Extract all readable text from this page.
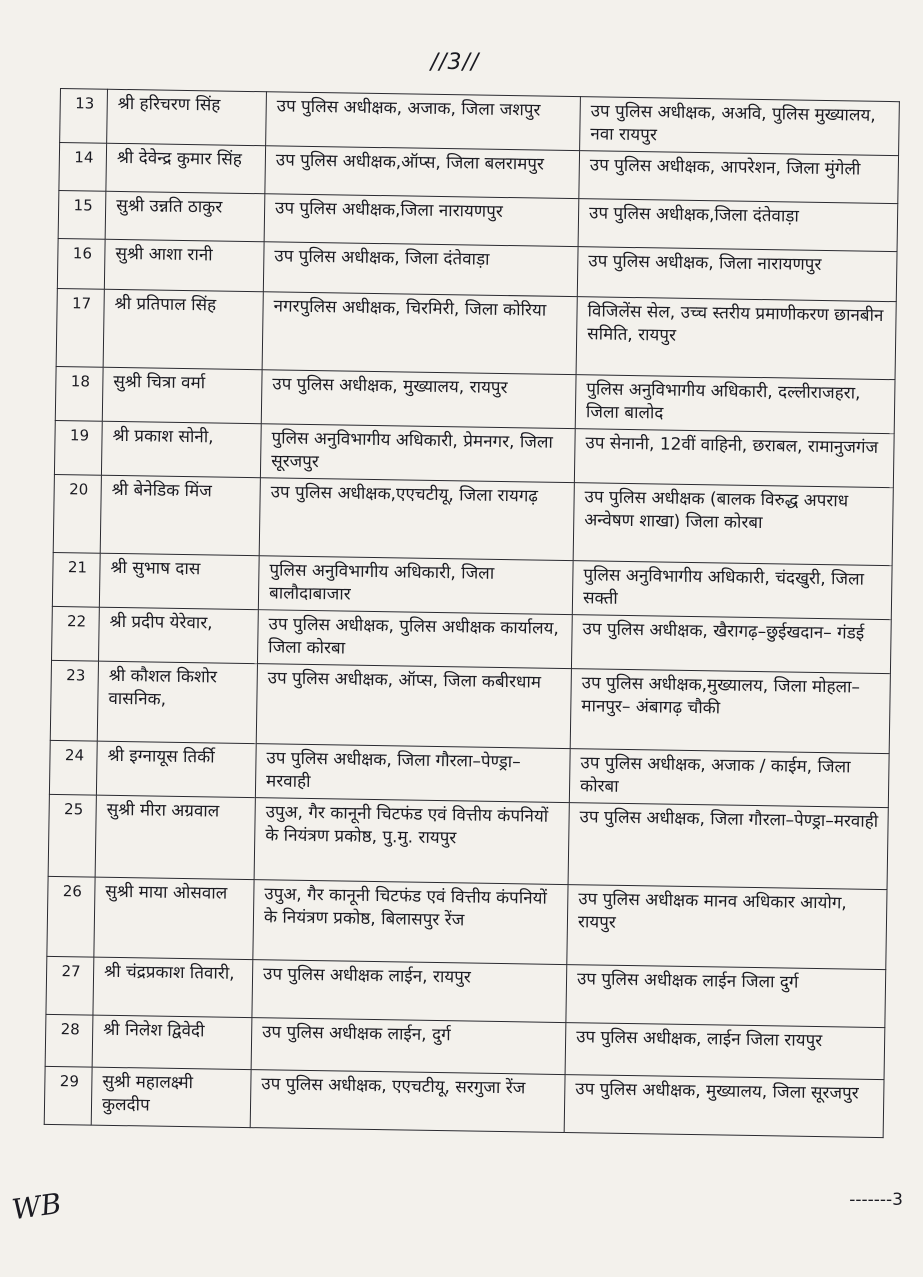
//3//
13	श्री हरिचरण सिंह	उप पुलिस अधीक्षक, अजाक, जिला जशपुर	उप पुलिस अधीक्षक, अअवि, पुलिस मुख्यालय, नवा रायपुर
14	श्री देवेन्द्र कुमार सिंह	उप पुलिस अधीक्षक,ऑप्स, जिला बलरामपुर	उप पुलिस अधीक्षक, आपरेशन, जिला मुंगेली
15	सुश्री उन्नति ठाकुर	उप पुलिस अधीक्षक,जिला नारायणपुर	उप पुलिस अधीक्षक,जिला दंतेवाड़ा
16	सुश्री आशा रानी	उप पुलिस अधीक्षक, जिला दंतेवाड़ा	उप पुलिस अधीक्षक, जिला नारायणपुर
17	श्री प्रतिपाल सिंह	नगरपुलिस अधीक्षक, चिरमिरी, जिला कोरिया	विजिलेंस सेल, उच्च स्तरीय प्रमाणीकरण छानबीन समिति, रायपुर
18	सुश्री चित्रा वर्मा	उप पुलिस अधीक्षक, मुख्यालय, रायपुर	पुलिस अनुविभागीय अधिकारी, दल्लीराजहरा, जिला बालोद
19	श्री प्रकाश सोनी,	पुलिस अनुविभागीय अधिकारी, प्रेमनगर, जिला सूरजपुर	उप सेनानी, 12वीं वाहिनी, छराबल, रामानुजगंज
20	श्री बेनेडिक मिंज	उप पुलिस अधीक्षक,एएचटीयू, जिला रायगढ़	उप पुलिस अधीक्षक (बालक विरुद्ध अपराध अन्वेषण शाखा) जिला कोरबा
21	श्री सुभाष दास	पुलिस अनुविभागीय अधिकारी, जिला बालौदाबाजार	पुलिस अनुविभागीय अधिकारी, चंदखुरी, जिला सक्ती
22	श्री प्रदीप येरेवार,	उप पुलिस अधीक्षक, पुलिस अधीक्षक कार्यालय, जिला कोरबा	उप पुलिस अधीक्षक, खैरागढ़–छुईखदान– गंडई
23	श्री कौशल किशोर वासनिक,	उप पुलिस अधीक्षक, ऑप्स, जिला कबीरधाम	उप पुलिस अधीक्षक,मुख्यालय, जिला मोहला–मानपुर– अंबागढ़ चौकी
24	श्री इग्नायूस तिर्की	उप पुलिस अधीक्षक, जिला गौरला–पेण्ड्रा–मरवाही	उप पुलिस अधीक्षक, अजाक / काईम, जिला कोरबा
25	सुश्री मीरा अग्रवाल	उपुअ, गैर कानूनी चिटफंड एवं वित्तीय कंपनियों के नियंत्रण प्रकोष्ठ, पु.मु. रायपुर	उप पुलिस अधीक्षक, जिला गौरला–पेण्ड्रा–मरवाही
26	सुश्री माया ओसवाल	उपुअ, गैर कानूनी चिटफंड एवं वित्तीय कंपनियों के नियंत्रण प्रकोष्ठ, बिलासपुर रेंज	उप पुलिस अधीक्षक मानव अधिकार आयोग, रायपुर
27	श्री चंद्रप्रकाश तिवारी,	उप पुलिस अधीक्षक लाईन, रायपुर	उप पुलिस अधीक्षक लाईन जिला दुर्ग
28	श्री निलेश द्विवेदी	उप पुलिस अधीक्षक लाईन, दुर्ग	उप पुलिस अधीक्षक, लाईन जिला रायपुर
29	सुश्री महालक्ष्मी कुलदीप	उप पुलिस अधीक्षक, एएचटीयू, सरगुजा रेंज	उप पुलिस अधीक्षक, मुख्यालय, जिला सूरजपुर
WB	-------3
